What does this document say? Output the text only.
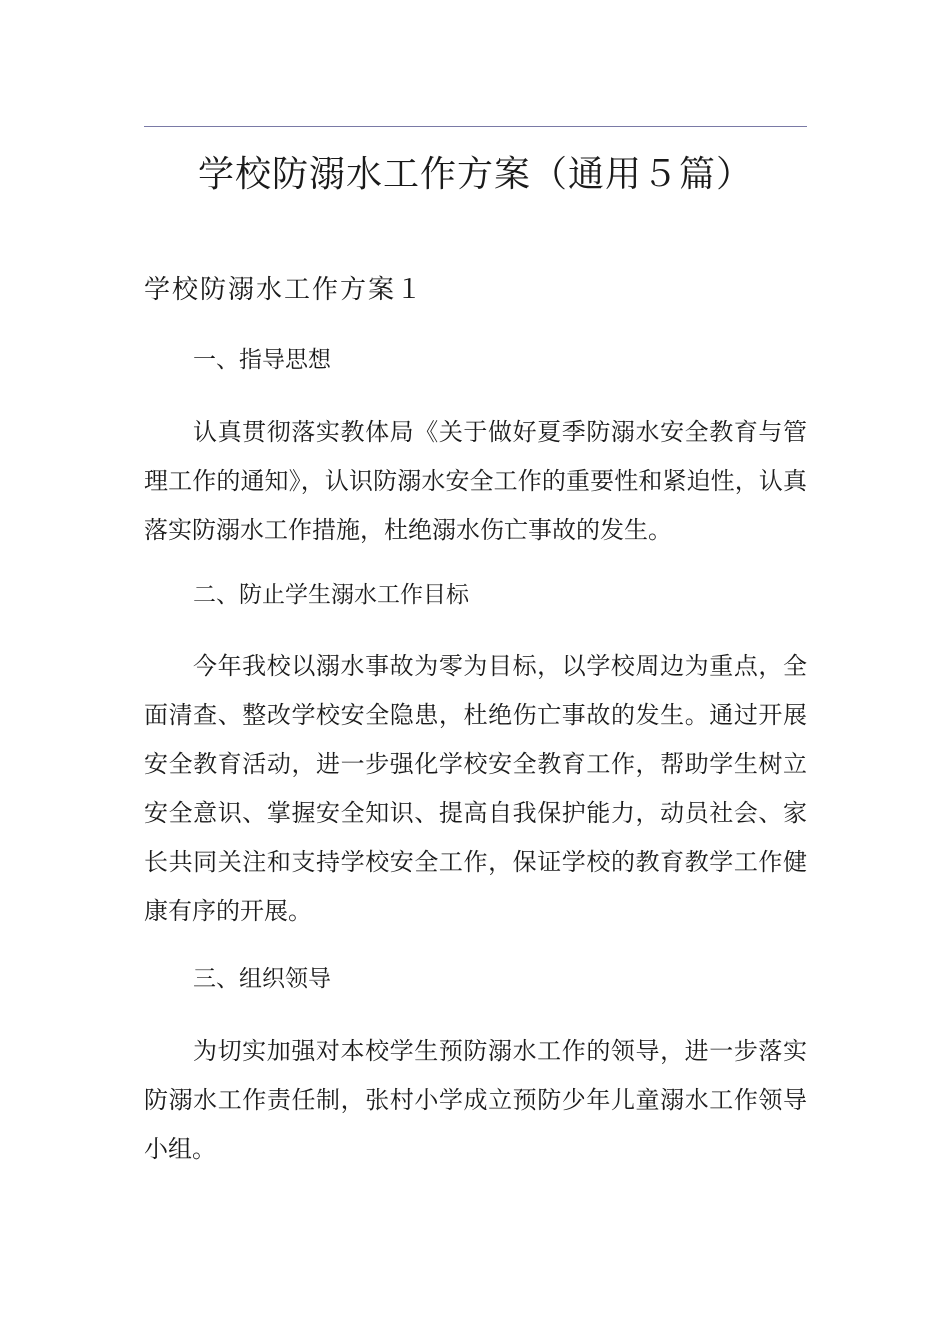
学校防溺水工作方案（通用５篇）
学校防溺水工作方案１
一、指导思想

认真贯彻落实教体局《关于做好夏季防溺水安全教育与管理工作的通知》，认识防溺水安全工作的重要性和紧迫性，认真落实防溺水工作措施，杜绝溺水伤亡事故的发生。

二、防止学生溺水工作目标

今年我校以溺水事故为零为目标，以学校周边为重点，全面清查、整改学校安全隐患，杜绝伤亡事故的发生。通过开展安全教育活动，进一步强化学校安全教育工作，帮助学生树立安全意识、掌握安全知识、提高自我保护能力，动员社会、家长共同关注和支持学校安全工作，保证学校的教育教学工作健康有序的开展。

三、组织领导

为切实加强对本校学生预防溺水工作的领导，进一步落实防溺水工作责任制，张村小学成立预防少年儿童溺水工作领导小组。
